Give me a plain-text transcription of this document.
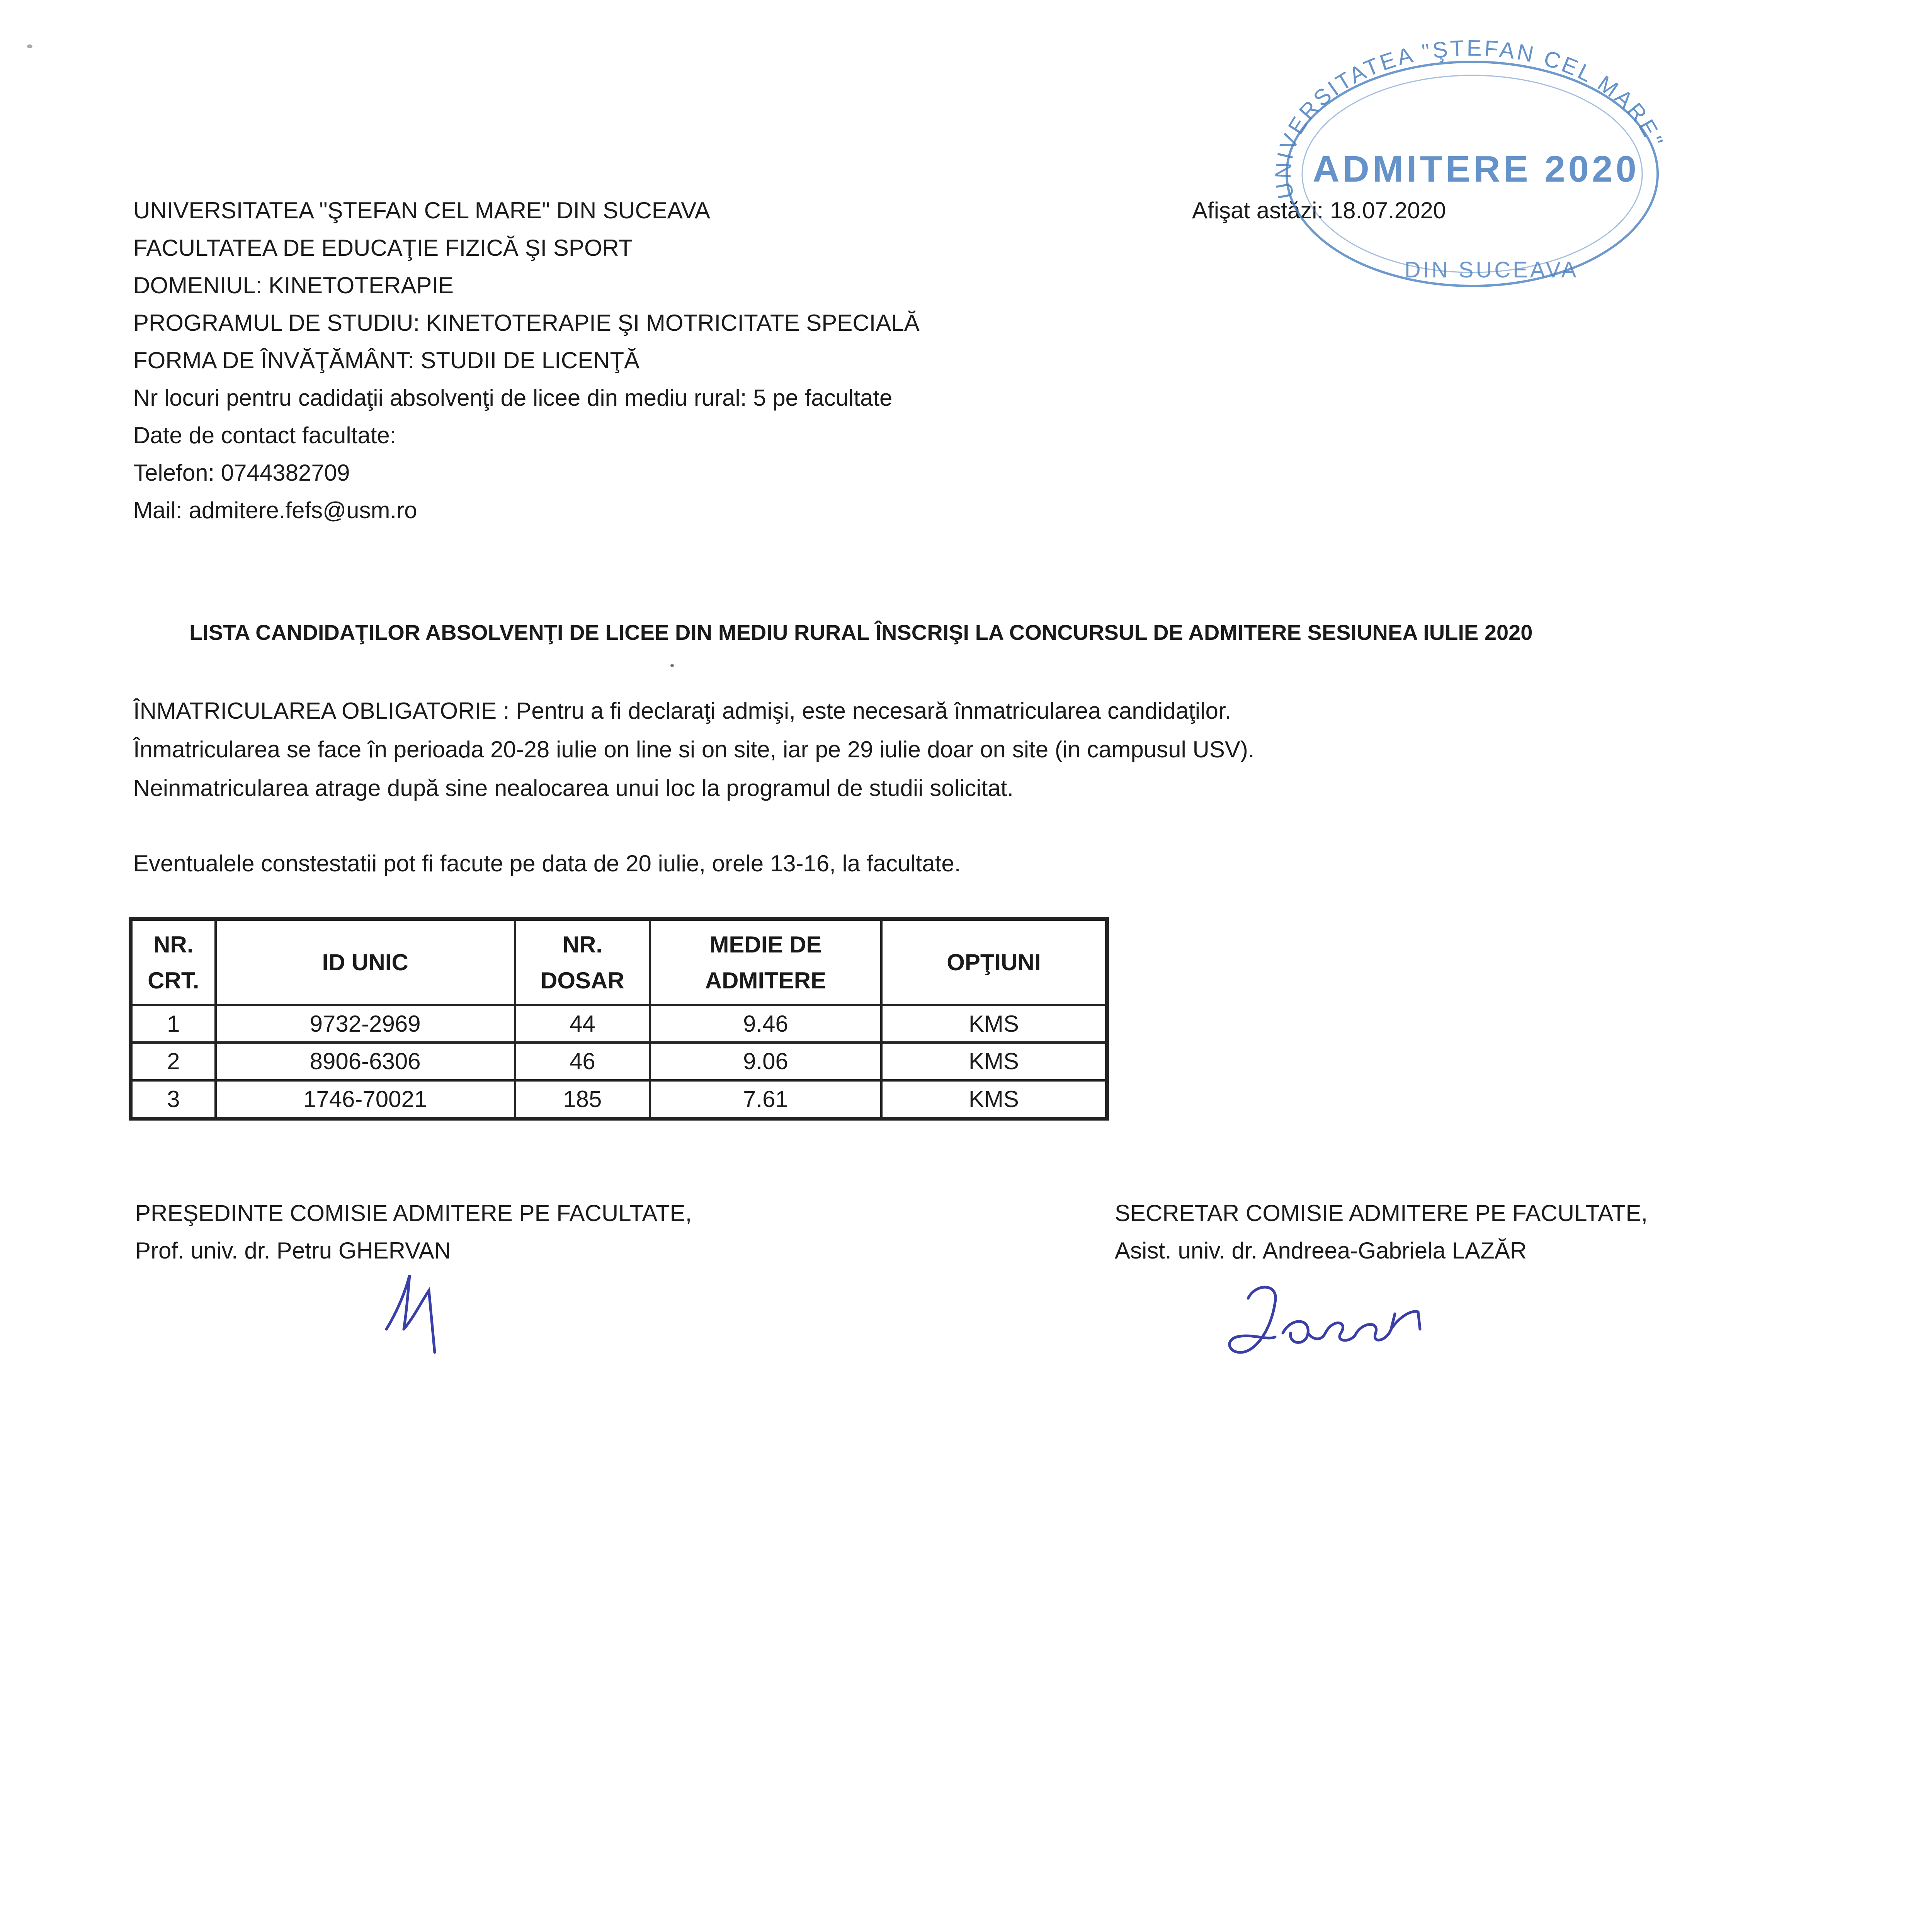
UNIVERSITATEA "ŞTEFAN CEL MARE" DIN SUCEAVA
FACULTATEA DE EDUCAŢIE FIZICĂ ŞI SPORT
DOMENIUL: KINETOTERAPIE
PROGRAMUL DE STUDIU: KINETOTERAPIE ŞI MOTRICITATE SPECIALĂ
FORMA DE ÎNVĂŢĂMÂNT: STUDII DE LICENŢĂ
Nr locuri pentru cadidaţii absolvenţi de licee din mediu rural: 5 pe facultate
Date de contact facultate:
Telefon: 0744382709
Mail: admitere.fefs@usm.ro
Afişat astăzi: 18.07.2020
UNIVERSITATEA "ŞTEFAN CEL MARE"
ADMITERE 2020
DIN SUCEAVA
LISTA CANDIDAŢILOR ABSOLVENŢI DE LICEE DIN MEDIU RURAL ÎNSCRIŞI LA CONCURSUL DE ADMITERE SESIUNEA IULIE 2020
ÎNMATRICULAREA OBLIGATORIE : Pentru a fi declaraţi admişi, este necesară înmatricularea candidaţilor.
Înmatricularea se face în perioada 20-28 iulie on line si on site, iar pe 29 iulie doar on site (in campusul USV).
Neinmatricularea atrage după sine nealocarea unui loc la programul de studii solicitat.
Eventualele constestatii pot fi facute pe data de 20 iulie, orele 13-16, la facultate.
NR. CRT.	ID UNIC	NR. DOSAR	MEDIE DE ADMITERE	OPŢIUNI
1	9732-2969	44	9.46	KMS
2	8906-6306	46	9.06	KMS
3	1746-70021	185	7.61	KMS
PREŞEDINTE COMISIE ADMITERE PE FACULTATE,
Prof. univ. dr. Petru GHERVAN
SECRETAR COMISIE ADMITERE PE FACULTATE,
Asist. univ. dr. Andreea-Gabriela LAZĂR
